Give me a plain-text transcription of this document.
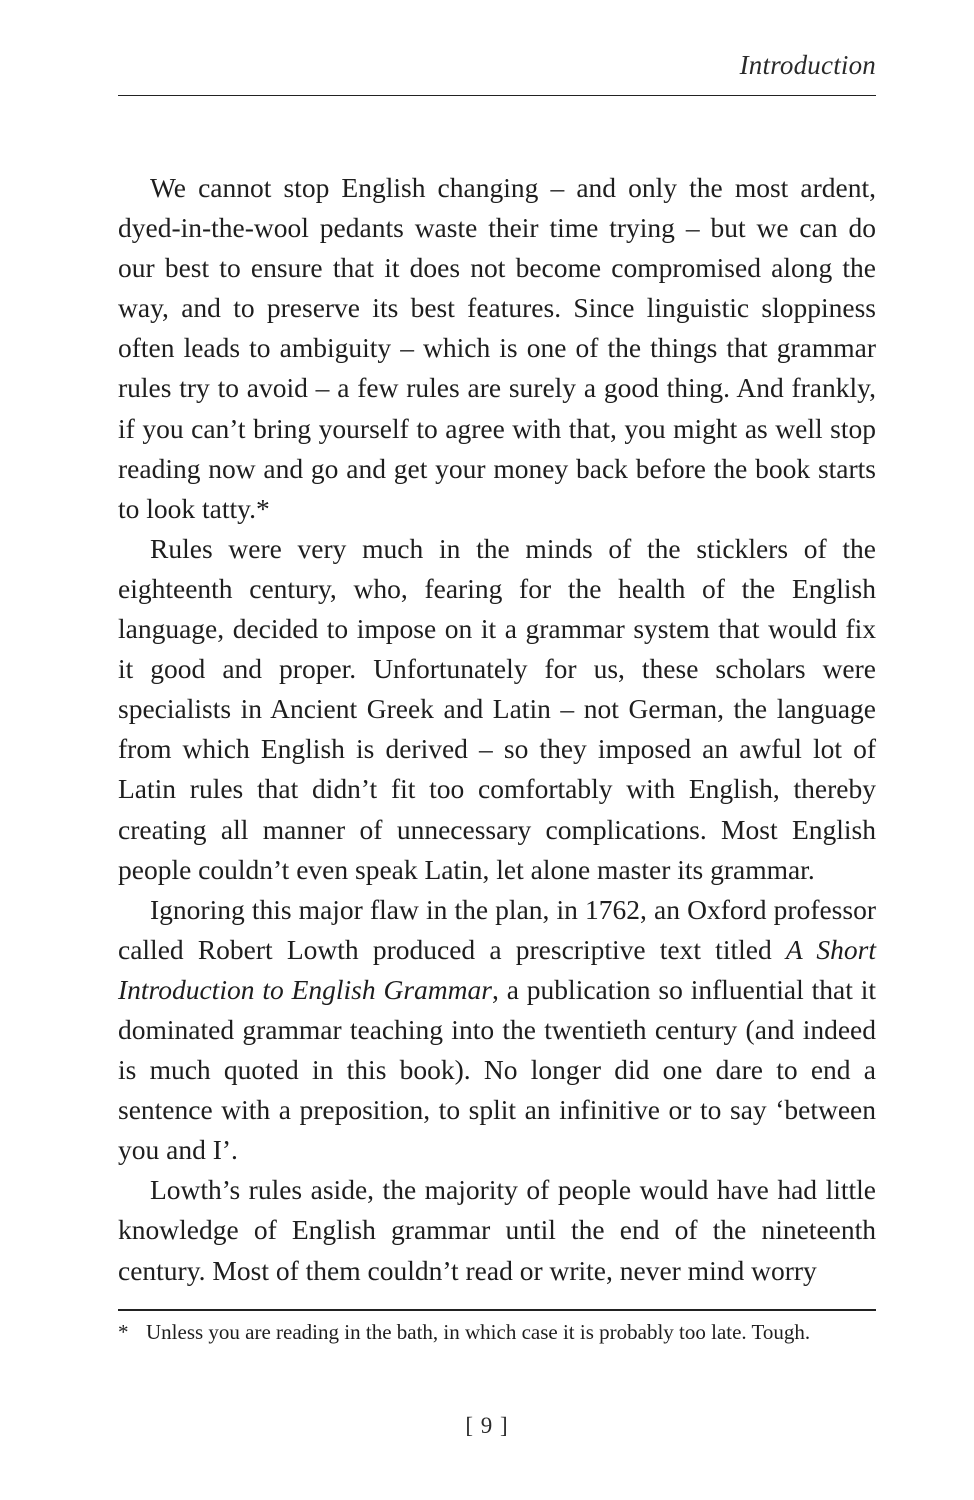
Introduction

We cannot stop English changing – and only the most ardent, dyed-in-the-wool pedants waste their time trying – but we can do our best to ensure that it does not become compromised along the way, and to preserve its best features. Since linguistic sloppiness often leads to ambiguity – which is one of the things that grammar rules try to avoid – a few rules are surely a good thing. And frankly, if you can’t bring yourself to agree with that, you might as well stop reading now and go and get your money back before the book starts to look tatty.*

Rules were very much in the minds of the sticklers of the eighteenth century, who, fearing for the health of the English language, decided to impose on it a grammar system that would fix it good and proper. Unfortunately for us, these scholars were specialists in Ancient Greek and Latin – not German, the language from which English is derived – so they imposed an awful lot of Latin rules that didn’t fit too comfortably with English, thereby creating all manner of unnecessary complications. Most English people couldn’t even speak Latin, let alone master its grammar.

Ignoring this major flaw in the plan, in 1762, an Oxford professor called Robert Lowth produced a prescriptive text titled A Short Introduction to English Grammar, a publication so influential that it dominated grammar teaching into the twentieth century (and indeed is much quoted in this book). No longer did one dare to end a sentence with a preposition, to split an infinitive or to say ‘between you and I’.

Lowth’s rules aside, the majority of people would have had little knowledge of English grammar until the end of the nineteenth century. Most of them couldn’t read or write, never mind worry

* Unless you are reading in the bath, in which case it is probably too late. Tough.
[ 9 ]
